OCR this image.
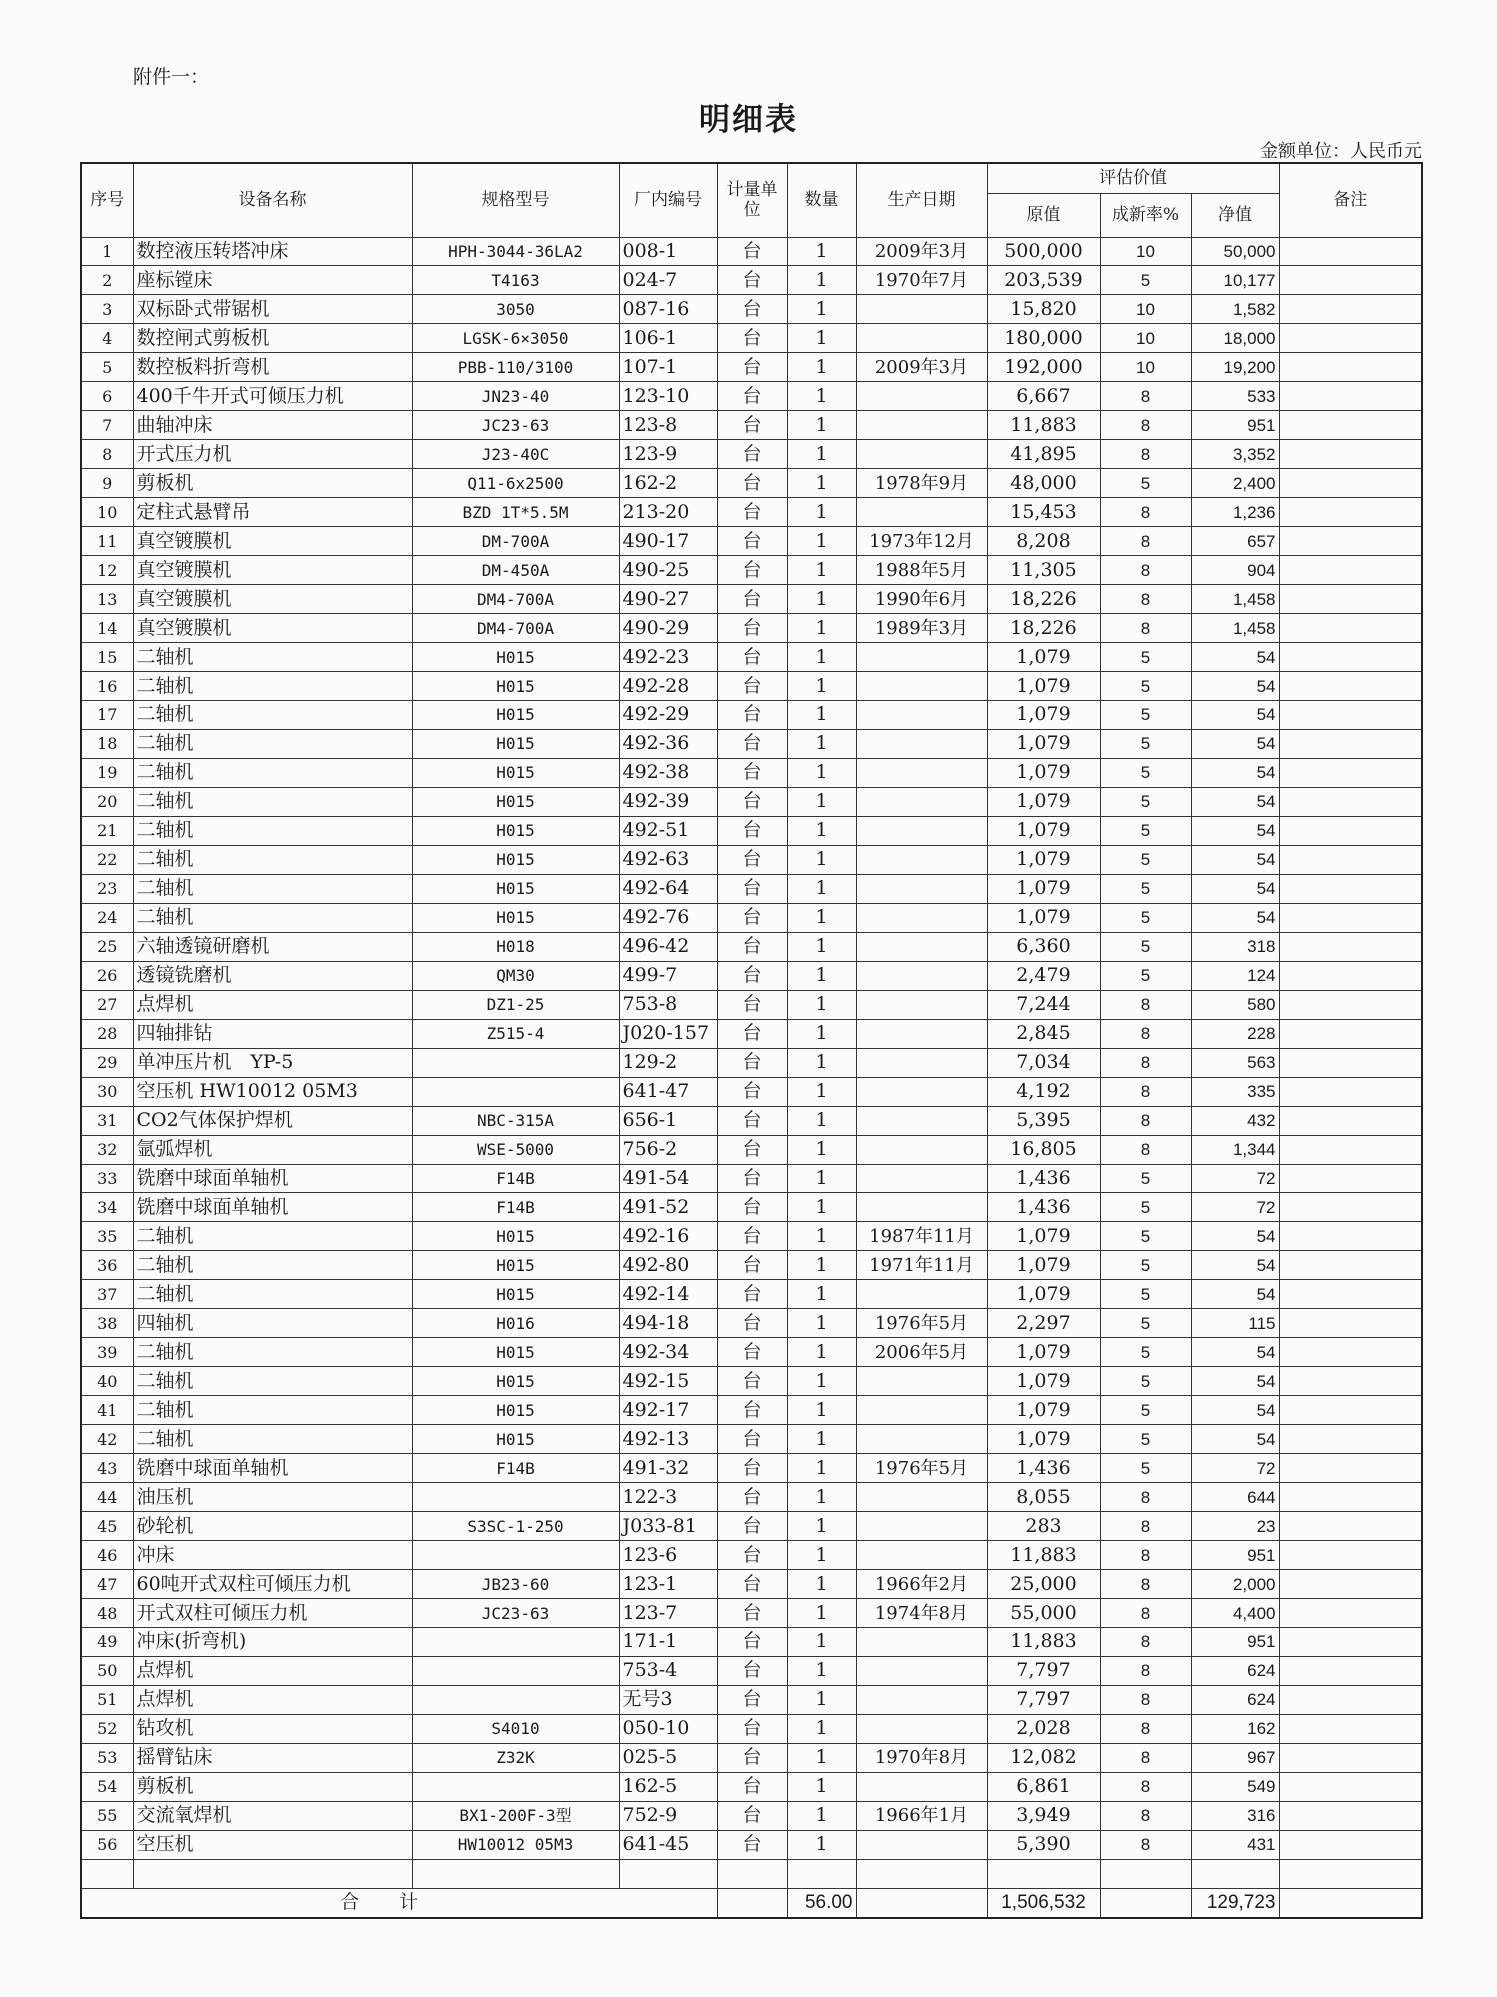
附件一：
明细表
金额单位：人民币元
序号	设备名称	规格型号	厂内编号	计量单位	数量	生产日期	评估价值			备注
							原值	成新率%	净值	
1	数控液压转塔冲床	HPH-3044-36LA2	008-1	台	1	2009年3月	500,000	10	50,000	
2	座标镗床	T4163	024-7	台	1	1970年7月	203,539	5	10,177	
3	双标卧式带锯机	3050	087-16	台	1		15,820	10	1,582	
4	数控闸式剪板机	LGSK-6×3050	106-1	台	1		180,000	10	18,000	
5	数控板料折弯机	PBB-110/3100	107-1	台	1	2009年3月	192,000	10	19,200	
6	400千牛开式可倾压力机	JN23-40	123-10	台	1		6,667	8	533	
7	曲轴冲床	JC23-63	123-8	台	1		11,883	8	951	
8	开式压力机	J23-40C	123-9	台	1		41,895	8	3,352	
9	剪板机	Q11-6x2500	162-2	台	1	1978年9月	48,000	5	2,400	
10	定柱式悬臂吊	BZD 1T*5.5M	213-20	台	1		15,453	8	1,236	
11	真空镀膜机	DM-700A	490-17	台	1	1973年12月	8,208	8	657	
12	真空镀膜机	DM-450A	490-25	台	1	1988年5月	11,305	8	904	
13	真空镀膜机	DM4-700A	490-27	台	1	1990年6月	18,226	8	1,458	
14	真空镀膜机	DM4-700A	490-29	台	1	1989年3月	18,226	8	1,458	
15	二轴机	H015	492-23	台	1		1,079	5	54	
16	二轴机	H015	492-28	台	1		1,079	5	54	
17	二轴机	H015	492-29	台	1		1,079	5	54	
18	二轴机	H015	492-36	台	1		1,079	5	54	
19	二轴机	H015	492-38	台	1		1,079	5	54	
20	二轴机	H015	492-39	台	1		1,079	5	54	
21	二轴机	H015	492-51	台	1		1,079	5	54	
22	二轴机	H015	492-63	台	1		1,079	5	54	
23	二轴机	H015	492-64	台	1		1,079	5	54	
24	二轴机	H015	492-76	台	1		1,079	5	54	
25	六轴透镜研磨机	H018	496-42	台	1		6,360	5	318	
26	透镜铣磨机	QM30	499-7	台	1		2,479	5	124	
27	点焊机	DZ1-25	753-8	台	1		7,244	8	580	
28	四轴排钻	Z515-4	J020-157	台	1		2,845	8	228	
29	单冲压片机　YP-5		129-2	台	1		7,034	8	563	
30	空压机 HW10012 05M3		641-47	台	1		4,192	8	335	
31	CO2气体保护焊机	NBC-315A	656-1	台	1		5,395	8	432	
32	氩弧焊机	WSE-5000	756-2	台	1		16,805	8	1,344	
33	铣磨中球面单轴机	F14B	491-54	台	1		1,436	5	72	
34	铣磨中球面单轴机	F14B	491-52	台	1		1,436	5	72	
35	二轴机	H015	492-16	台	1	1987年11月	1,079	5	54	
36	二轴机	H015	492-80	台	1	1971年11月	1,079	5	54	
37	二轴机	H015	492-14	台	1		1,079	5	54	
38	四轴机	H016	494-18	台	1	1976年5月	2,297	5	115	
39	二轴机	H015	492-34	台	1	2006年5月	1,079	5	54	
40	二轴机	H015	492-15	台	1		1,079	5	54	
41	二轴机	H015	492-17	台	1		1,079	5	54	
42	二轴机	H015	492-13	台	1		1,079	5	54	
43	铣磨中球面单轴机	F14B	491-32	台	1	1976年5月	1,436	5	72	
44	油压机		122-3	台	1		8,055	8	644	
45	砂轮机	S3SC-1-250	J033-81	台	1		283	8	23	
46	冲床		123-6	台	1		11,883	8	951	
47	60吨开式双柱可倾压力机	JB23-60	123-1	台	1	1966年2月	25,000	8	2,000	
48	开式双柱可倾压力机	JC23-63	123-7	台	1	1974年8月	55,000	8	4,400	
49	冲床(折弯机)		171-1	台	1		11,883	8	951	
50	点焊机		753-4	台	1		7,797	8	624	
51	点焊机		无号3	台	1		7,797	8	624	
52	钻攻机	S4010	050-10	台	1		2,028	8	162	
53	摇臂钻床	Z32K	025-5	台	1	1970年8月	12,082	8	967	
54	剪板机		162-5	台	1		6,861	8	549	
55	交流氧焊机	BX1-200F-3型	752-9	台	1	1966年1月	3,949	8	316	
56	空压机	HW10012 05M3	641-45	台	1		5,390	8	431	

合计					56.00		1,506,532		129,723	
